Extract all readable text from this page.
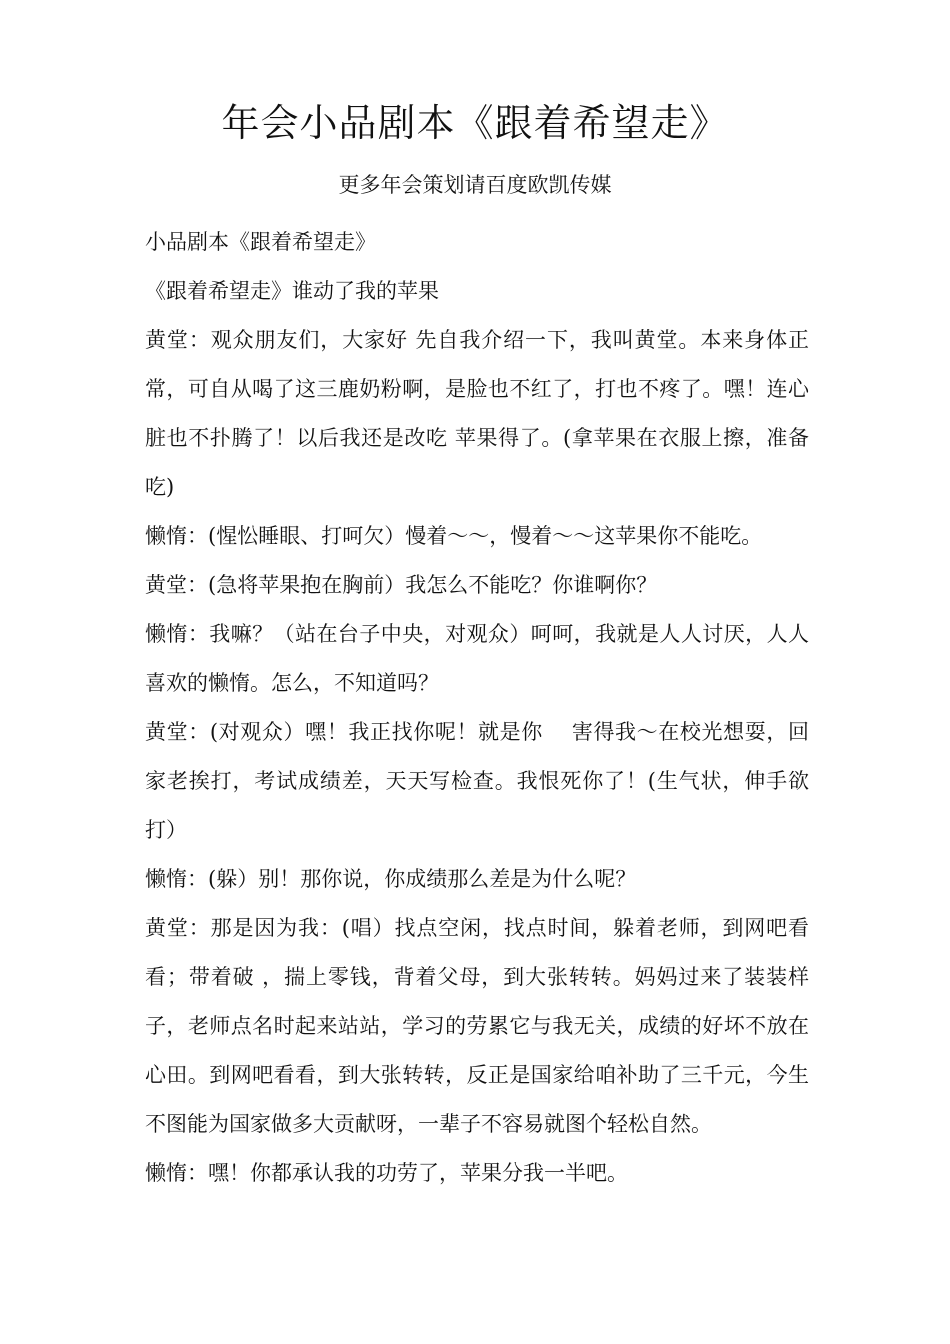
年会小品剧本《跟着希望走》

更多年会策划请百度欧凯传媒

小品剧本《跟着希望走》

《跟着希望走》谁动了我的苹果

黄堂：观众朋友们，大家好 先自我介绍一下，我叫黄堂。本来身体正常，可自从喝了这三鹿奶粉啊，是脸也不红了，打也不疼了。嘿！连心脏也不扑腾了！以后我还是改吃 苹果得了。(拿苹果在衣服上擦，准备吃)

懒惰：(惺忪睡眼、打呵欠）慢着～～，慢着～～这苹果你不能吃。

黄堂：(急将苹果抱在胸前）我怎么不能吃？你谁啊你？

懒惰：我嘛？（站在台子中央，对观众）呵呵，我就是人人讨厌，人人喜欢的懒惰。怎么，不知道吗？

黄堂：(对观众）嘿！我正找你呢！就是你　 害得我～在校光想耍，回家老挨打，考试成绩差，天天写检查。我恨死你了！(生气状，伸手欲打）

懒惰：(躲）别！那你说，你成绩那么差是为什么呢？

黄堂：那是因为我：(唱）找点空闲，找点时间，躲着老师，到网吧看看；带着破 ，揣上零钱，背着父母，到大张转转。妈妈过来了装装样子，老师点名时起来站站，学习的劳累它与我无关，成绩的好坏不放在心田。到网吧看看，到大张转转，反正是国家给咱补助了三千元，今生不图能为国家做多大贡献呀，一辈子不容易就图个轻松自然。

懒惰：嘿！你都承认我的功劳了，苹果分我一半吧。
